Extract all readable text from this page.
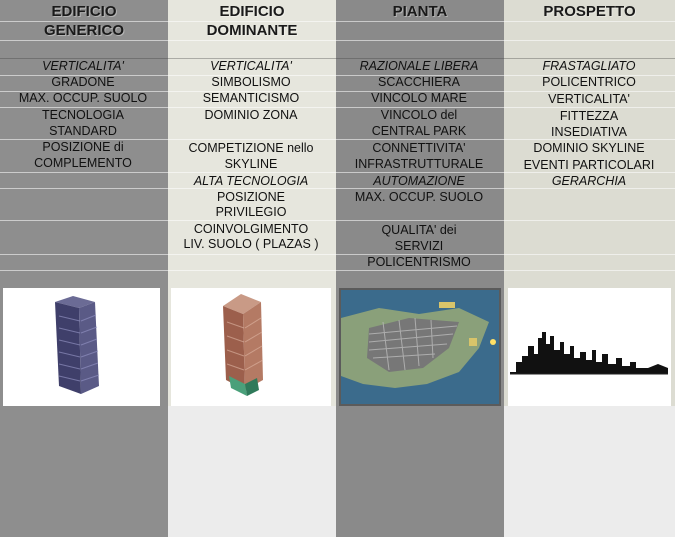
EDIFICIO
GENERICO
EDIFICIO
DOMINANTE
PIANTA	PROSPETTO
VERTICALITA'
GRADONE
MAX. OCCUP. SUOLO
TECNOLOGIA
STANDARD
POSIZIONE di
COMPLEMENTO
VERTICALITA'
SIMBOLISMO
SEMANTICISMO
DOMINIO ZONA
COMPETIZIONE nello
SKYLINE
ALTA TECNOLOGIA
POSIZIONE
PRIVILEGIO
COINVOLGIMENTO
LIV. SUOLO ( PLAZAS )
RAZIONALE LIBERA
SCACCHIERA
VINCOLO MARE
VINCOLO del
CENTRAL PARK
CONNETTIVITA'
INFRASTRUTTURALE
AUTOMAZIONE
MAX. OCCUP. SUOLO
QUALITA' dei
SERVIZI
POLICENTRISMO
FRASTAGLIATO
POLICENTRICO
VERTICALITA'
FITTEZZA
INSEDIATIVA
DOMINIO SKYLINE
EVENTI PARTICOLARI
GERARCHIA
